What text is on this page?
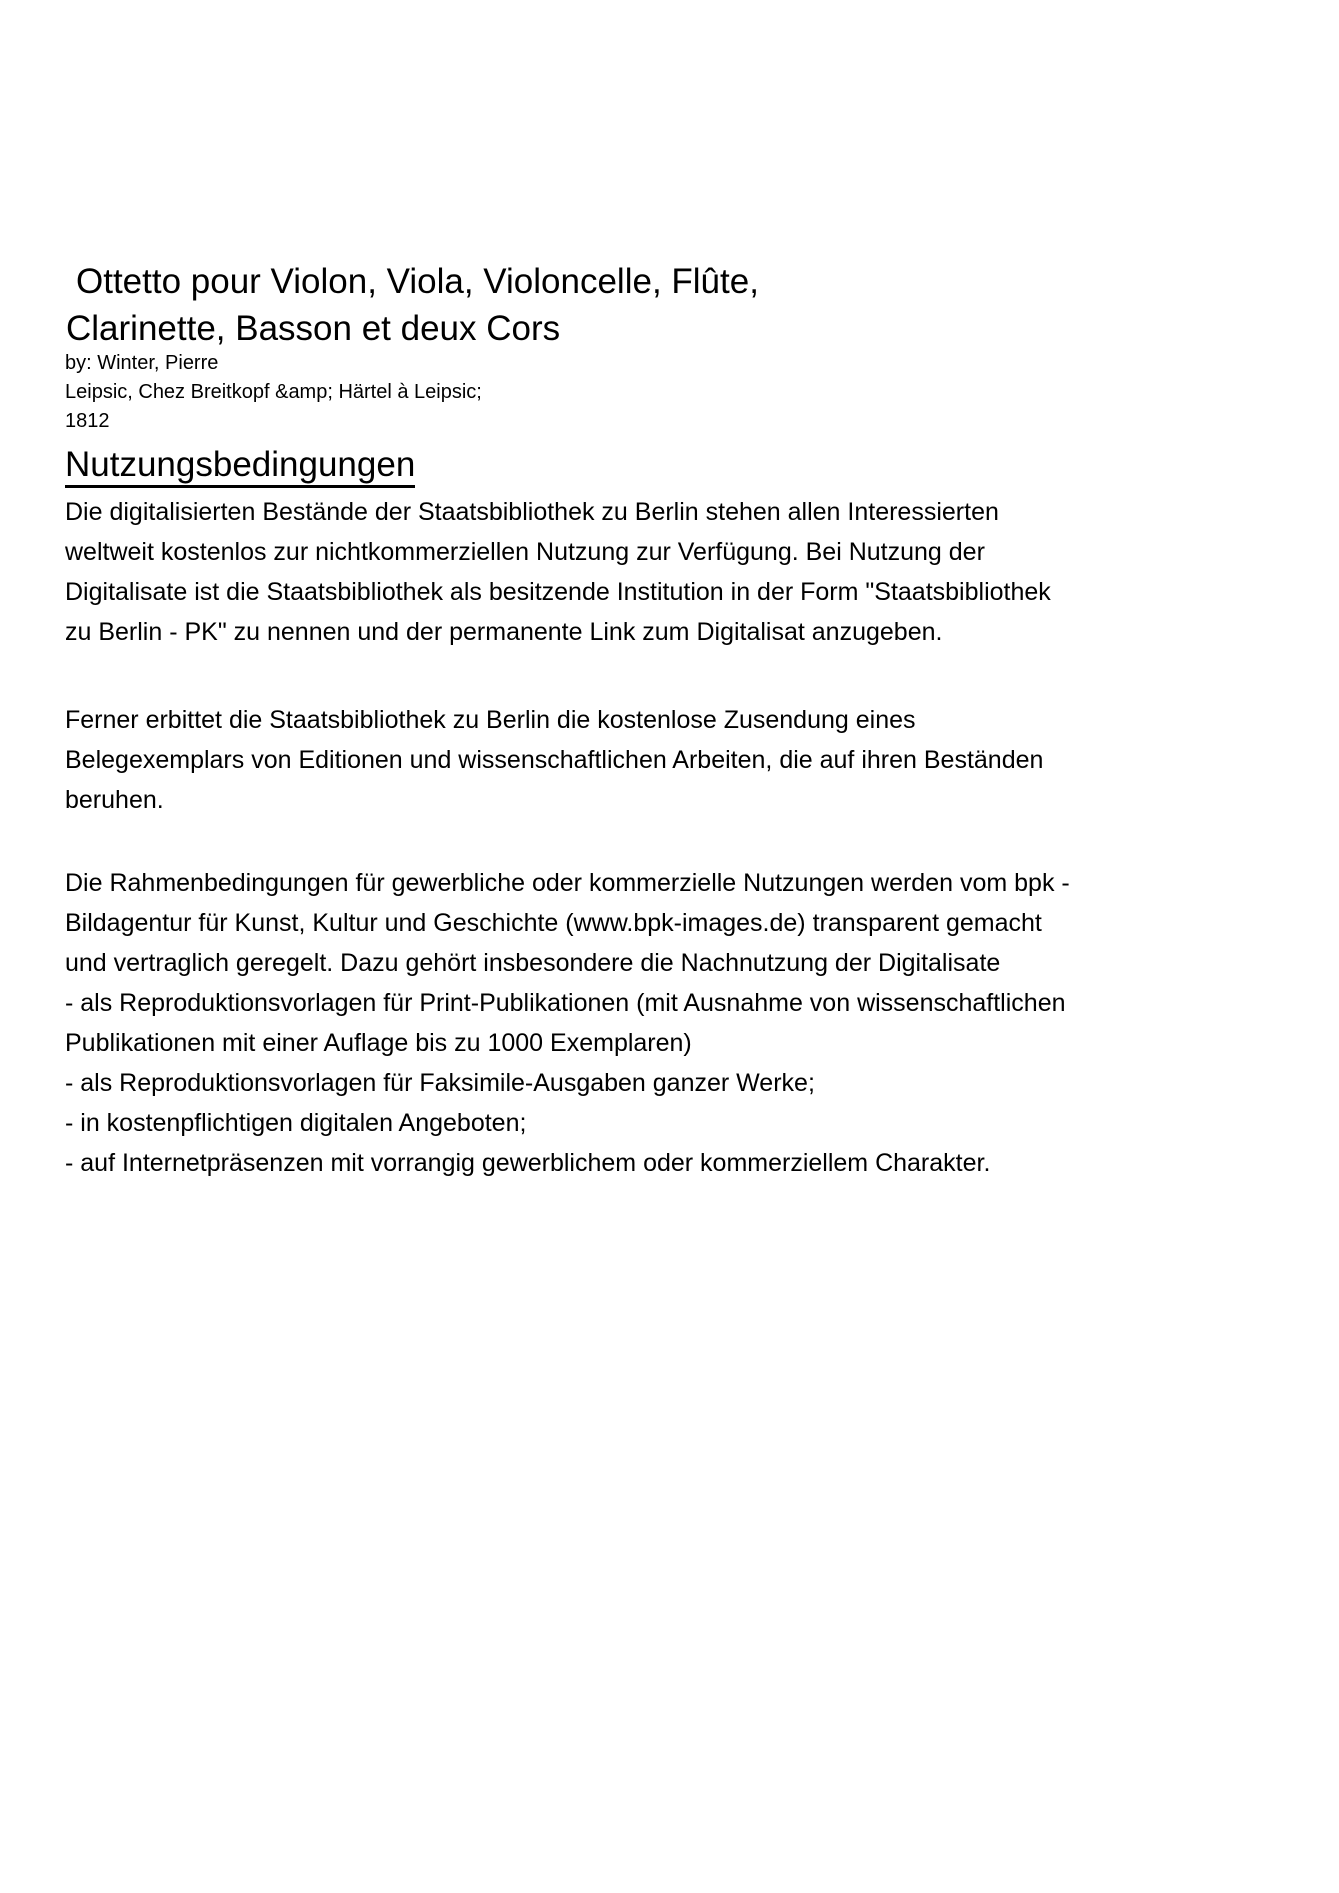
Ottetto pour Violon, Viola, Violoncelle, Flûte,
Clarinette, Basson et deux Cors
by: Winter, Pierre
Leipsic, Chez Breitkopf &amp; Härtel à Leipsic;
1812
Nutzungsbedingungen
Die digitalisierten Bestände der Staatsbibliothek zu Berlin stehen allen Interessierten
weltweit kostenlos zur nichtkommerziellen Nutzung zur Verfügung. Bei Nutzung der
Digitalisate ist die Staatsbibliothek als besitzende Institution in der Form "Staatsbibliothek
zu Berlin - PK" zu nennen und der permanente Link zum Digitalisat anzugeben.
Ferner erbittet die Staatsbibliothek zu Berlin die kostenlose Zusendung eines
Belegexemplars von Editionen und wissenschaftlichen Arbeiten, die auf ihren Beständen
beruhen.
Die Rahmenbedingungen für gewerbliche oder kommerzielle Nutzungen werden vom bpk -
Bildagentur für Kunst, Kultur und Geschichte (www.bpk-images.de) transparent gemacht
und vertraglich geregelt. Dazu gehört insbesondere die Nachnutzung der Digitalisate
- als Reproduktionsvorlagen für Print-Publikationen (mit Ausnahme von wissenschaftlichen
Publikationen mit einer Auflage bis zu 1000 Exemplaren)
- als Reproduktionsvorlagen für Faksimile-Ausgaben ganzer Werke;
- in kostenpflichtigen digitalen Angeboten;
- auf Internetpräsenzen mit vorrangig gewerblichem oder kommerziellem Charakter.
